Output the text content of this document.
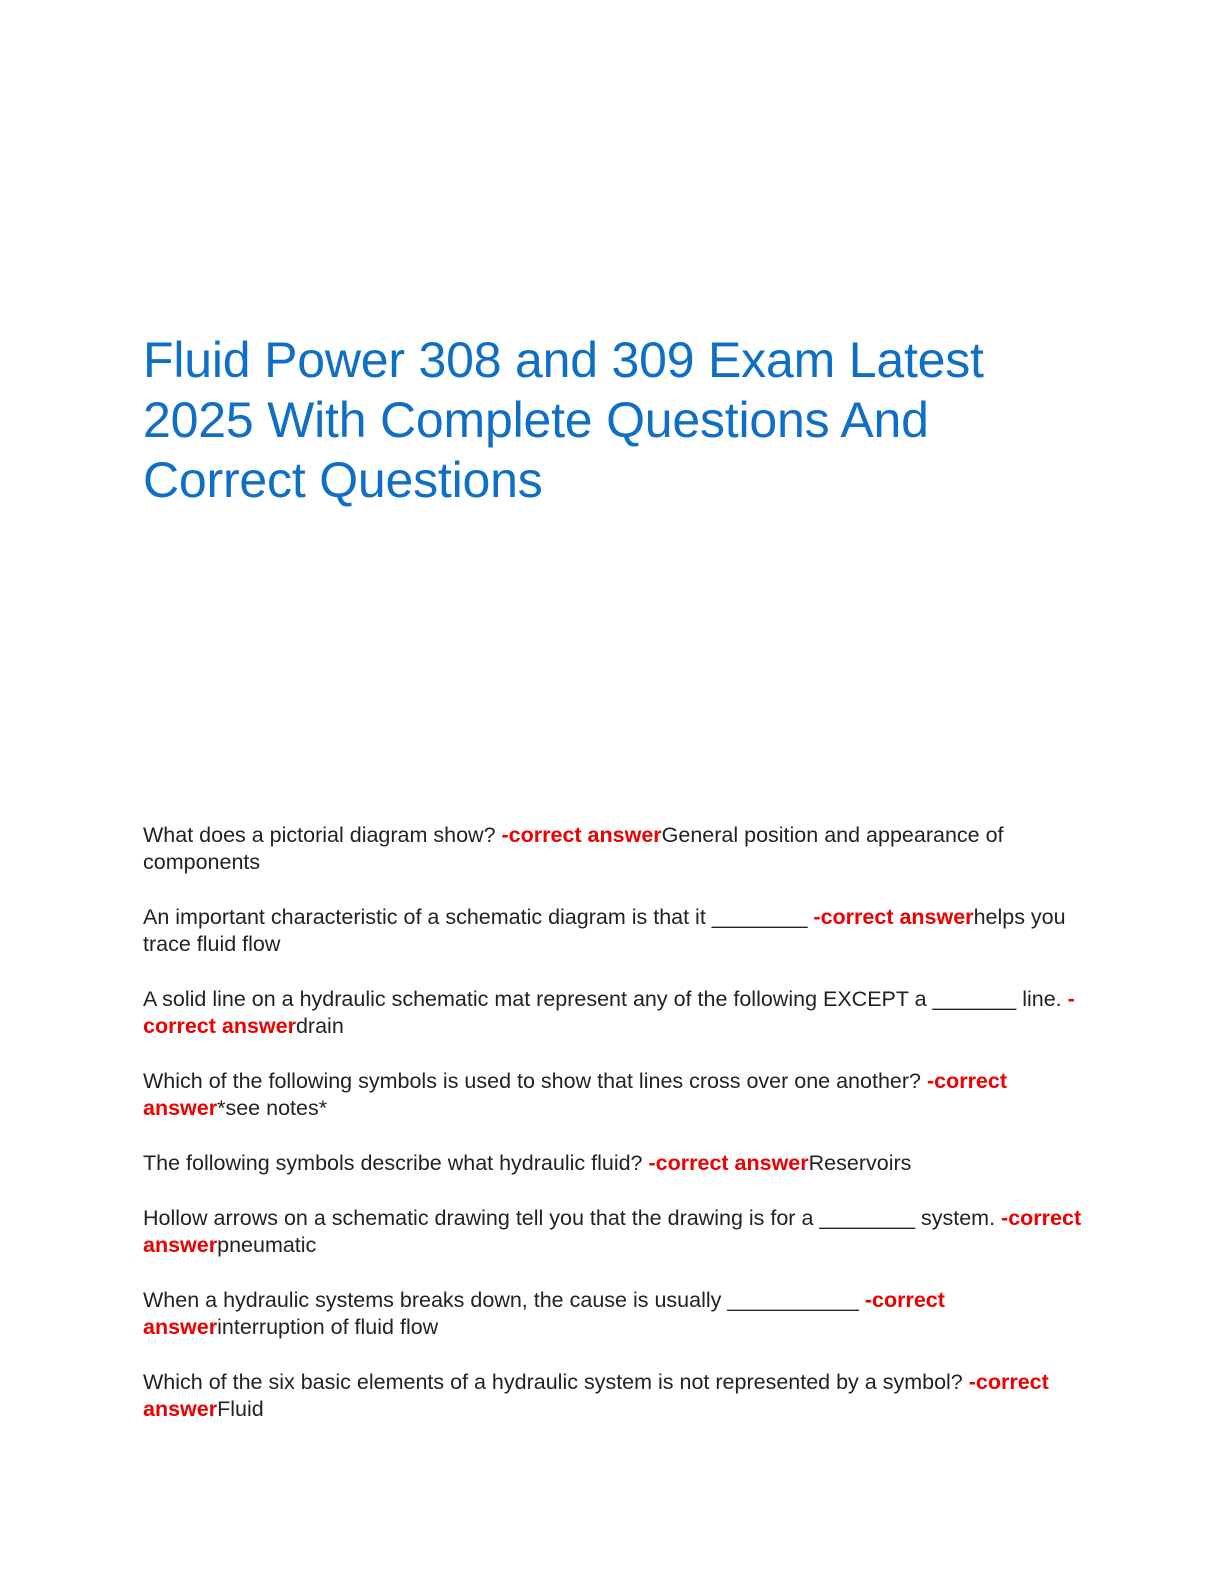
Fluid Power 308 and 309 Exam Latest 2025 With Complete Questions And Correct Questions
What does a pictorial diagram show? -correct answerGeneral position and appearance of components
An important characteristic of a schematic diagram is that it ________ -correct answerhelps you trace fluid flow
A solid line on a hydraulic schematic mat represent any of the following EXCEPT a _______ line. -correct answerdrain
Which of the following symbols is used to show that lines cross over one another? -correct answer*see notes*
The following symbols describe what hydraulic fluid? -correct answerReservoirs
Hollow arrows on a schematic drawing tell you that the drawing is for a ________ system. -correct answerpneumatic
When a hydraulic systems breaks down, the cause is usually ___________ -correct answerinterruption of fluid flow
Which of the six basic elements of a hydraulic system is not represented by a symbol? -correct answerFluid
